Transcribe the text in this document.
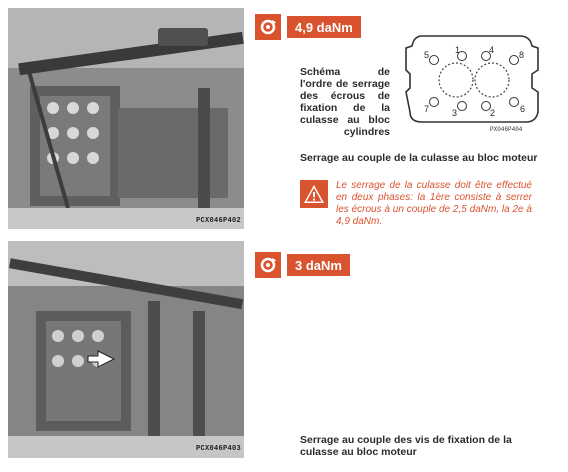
PCX046P402
PCX046P403
4,9 daNm
Schéma de l'ordre de serrage des écrous de fixation de la culasse au bloc cylindres
5	1	4	8
6
2
3
7
PX046P404
Serrage au couple de la culasse au bloc moteur
Le serrage de la culasse doit être effectué en deux phases: la 1ère consiste à serrer les écrous à un couple de 2,5 daNm, la 2e à 4,9 daNm.
3 daNm
Serrage au couple des vis de fixation de la culasse au bloc moteur
